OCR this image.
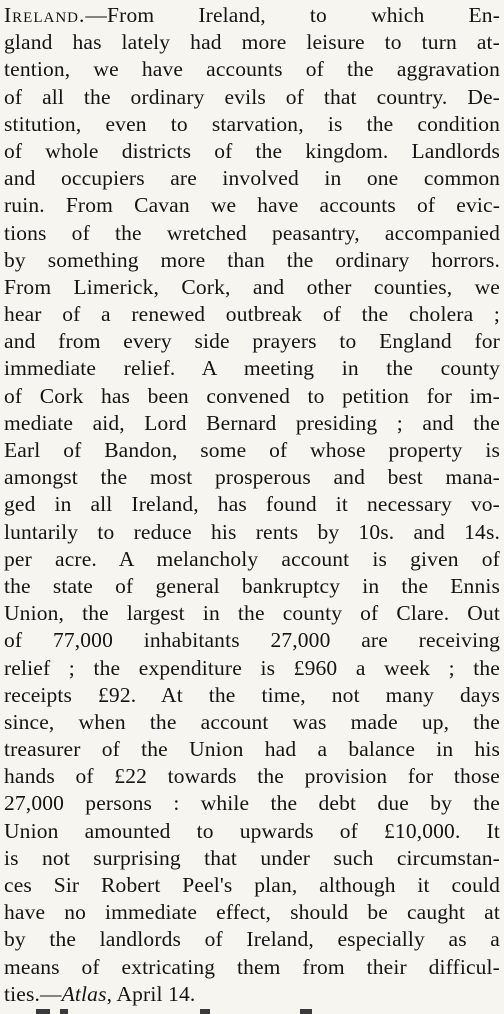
Ireland.—From Ireland, to which En-
gland has lately had more leisure to turn at-
tention, we have accounts of the aggravation
of all the ordinary evils of that country. De-
stitution, even to starvation, is the condition
of whole districts of the kingdom. Landlords
and occupiers are involved in one common
ruin. From Cavan we have accounts of evic-
tions of the wretched peasantry, accompanied
by something more than the ordinary horrors.
From Limerick, Cork, and other counties, we
hear of a renewed outbreak of the cholera ;
and from every side prayers to England for
immediate relief. A meeting in the county
of Cork has been convened to petition for im-
mediate aid, Lord Bernard presiding ; and the
Earl of Bandon, some of whose property is
amongst the most prosperous and best mana-
ged in all Ireland, has found it necessary vo-
luntarily to reduce his rents by 10s. and 14s.
per acre. A melancholy account is given of
the state of general bankruptcy in the Ennis
Union, the largest in the county of Clare. Out
of 77,000 inhabitants 27,000 are receiving
relief ; the expenditure is £960 a week ; the
receipts £92. At the time, not many days
since, when the account was made up, the
treasurer of the Union had a balance in his
hands of £22 towards the provision for those
27,000 persons : while the debt due by the
Union amounted to upwards of £10,000. It
is not surprising that under such circumstan-
ces Sir Robert Peel's plan, although it could
have no immediate effect, should be caught at
by the landlords of Ireland, especially as a
means of extricating them from their difficul-
ties.—Atlas, April 14.
